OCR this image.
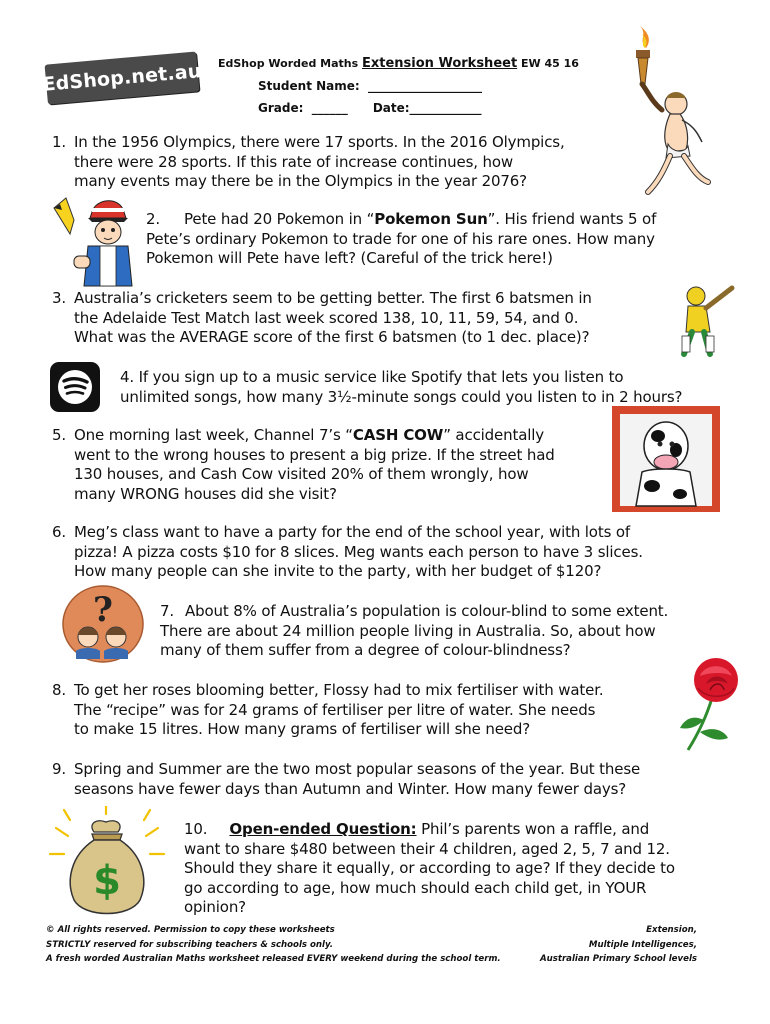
EdShop.net.au EdShop Worded Maths Extension Worksheet EW 45 16
Student Name:  ___________________
Grade:  ______      Date:____________
1. In the 1956 Olympics, there were 17 sports. In the 2016 Olympics,
there were 28 sports. If this rate of increase continues, how
many events may there be in the Olympics in the year 2076?
2. Pete had 20 Pokemon in “Pokemon Sun”. His friend wants 5 of
Pete’s ordinary Pokemon to trade for one of his rare ones. How many
Pokemon will Pete have left? (Careful of the trick here!)
3. Australia’s cricketers seem to be getting better. The first 6 batsmen in
the Adelaide Test Match last week scored 138, 10, 11, 59, 54, and 0.
What was the AVERAGE score of the first 6 batsmen (to 1 dec. place)?
4. If you sign up to a music service like Spotify that lets you listen to
unlimited songs, how many 3½-minute songs could you listen to in 2 hours?
5. One morning last week, Channel 7’s “CASH COW” accidentally
went to the wrong houses to present a big prize. If the street had
130 houses, and Cash Cow visited 20% of them wrongly, how
many WRONG houses did she visit?
6. Meg’s class want to have a party for the end of the school year, with lots of
pizza! A pizza costs $10 for 8 slices. Meg wants each person to have 3 slices.
How many people can she invite to the party, with her budget of $120?
?	7. About 8% of Australia’s population is colour-blind to some extent.
There are about 24 million people living in Australia. So, about how
many of them suffer from a degree of colour-blindness?
8. To get her roses blooming better, Flossy had to mix fertiliser with water.
The “recipe” was for 24 grams of fertiliser per litre of water. She needs
to make 15 litres. How many grams of fertiliser will she need?
9. Spring and Summer are the two most popular seasons of the year. But these
seasons have fewer days than Autumn and Winter. How many fewer days?
$
10. Open-ended Question: Phil’s parents won a raffle, and
want to share $480 between their 4 children, aged 2, 5, 7 and 12.
Should they share it equally, or according to age? If they decide to
go according to age, how much should each child get, in YOUR
opinion?
© All rights reserved. Permission to copy these worksheets
STRICTLY reserved for subscribing teachers & schools only.
A fresh worded Australian Maths worksheet released EVERY weekend during the school term.
Extension,
Multiple Intelligences,
Australian Primary School levels
